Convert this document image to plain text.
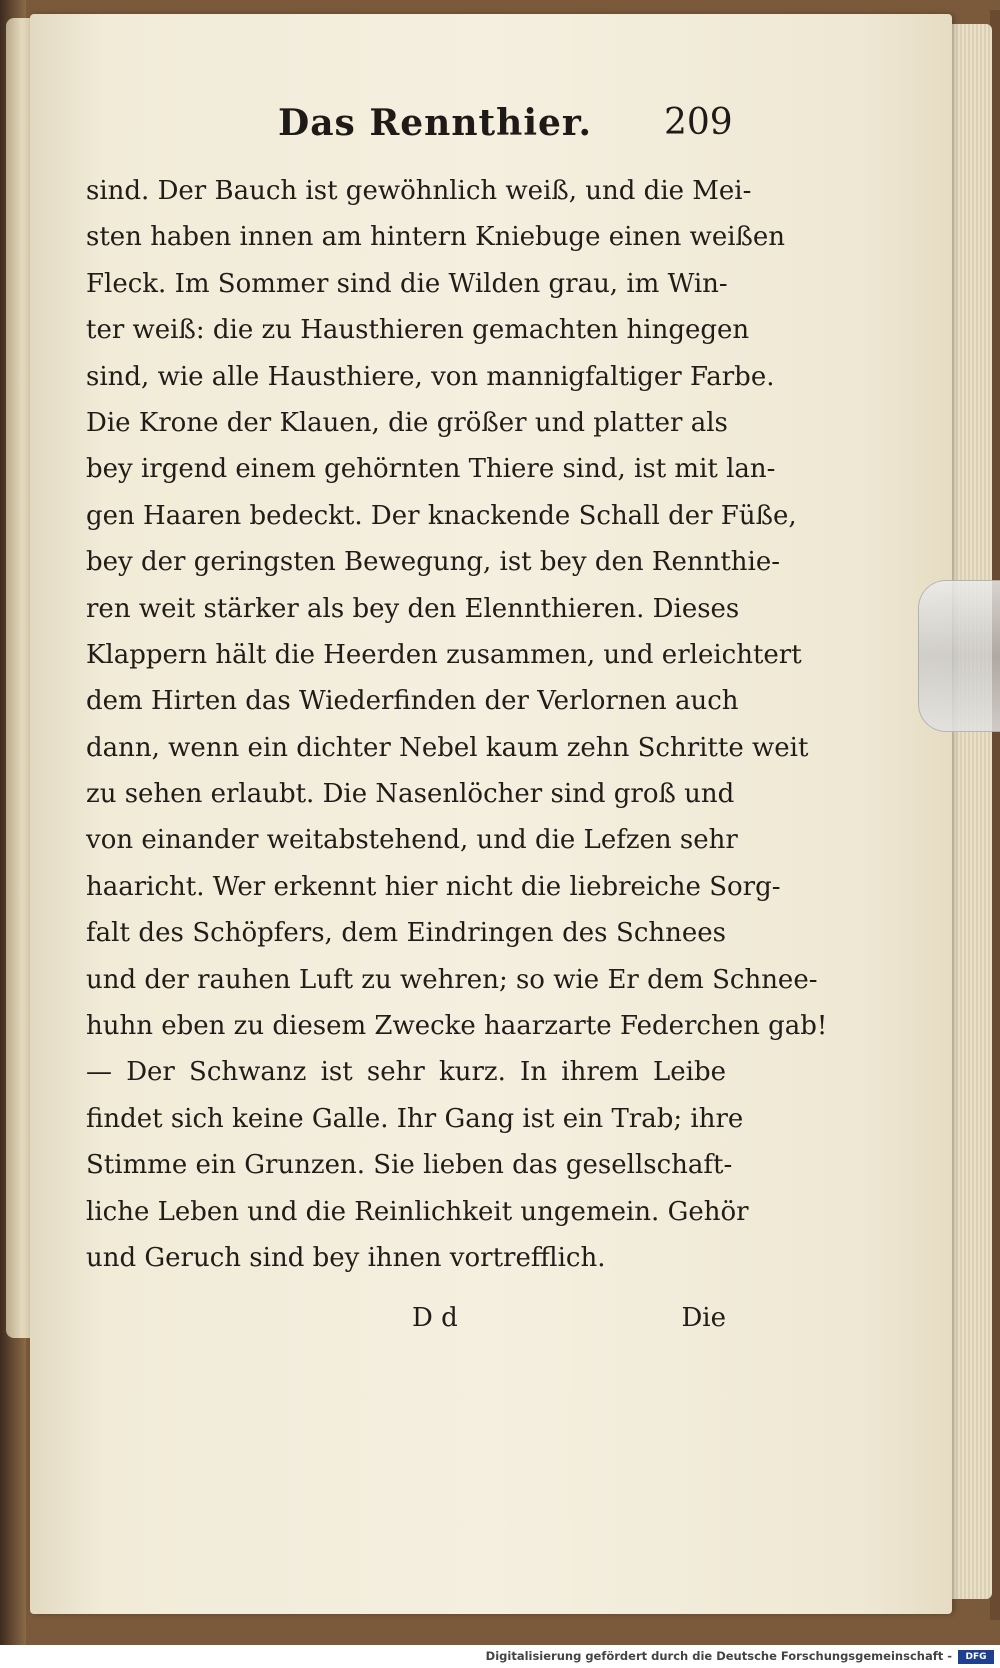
Das Rennthier. 209
sind. Der Bauch ist gewöhnlich weiß, und die Mei-
sten haben innen am hintern Kniebuge einen weißen
Fleck. Im Sommer sind die Wilden grau, im Win-
ter weiß: die zu Hausthieren gemachten hingegen
sind, wie alle Hausthiere, von mannigfaltiger Farbe.
Die Krone der Klauen, die größer und platter als
bey irgend einem gehörnten Thiere sind, ist mit lan-
gen Haaren bedeckt. Der knackende Schall der Füße,
bey der geringsten Bewegung, ist bey den Rennthie-
ren weit stärker als bey den Elennthieren. Dieses
Klappern hält die Heerden zusammen, und erleichtert
dem Hirten das Wiederfinden der Verlornen auch
dann, wenn ein dichter Nebel kaum zehn Schritte weit
zu sehen erlaubt. Die Nasenlöcher sind groß und
von einander weitabstehend, und die Lefzen sehr
haaricht. Wer erkennt hier nicht die liebreiche Sorg-
falt des Schöpfers, dem Eindringen des Schnees
und der rauhen Luft zu wehren; so wie Er dem Schnee-
huhn eben zu diesem Zwecke haarzarte Federchen gab!
— Der Schwanz ist sehr kurz. In ihrem Leibe
findet sich keine Galle. Ihr Gang ist ein Trab; ihre
Stimme ein Grunzen. Sie lieben das gesellschaft-
liche Leben und die Reinlichkeit ungemein. Gehör
und Geruch sind bey ihnen vortrefflich.
D d	Die
Digitalisierung gefördert durch die Deutsche Forschungsgemeinschaft -	DFG
